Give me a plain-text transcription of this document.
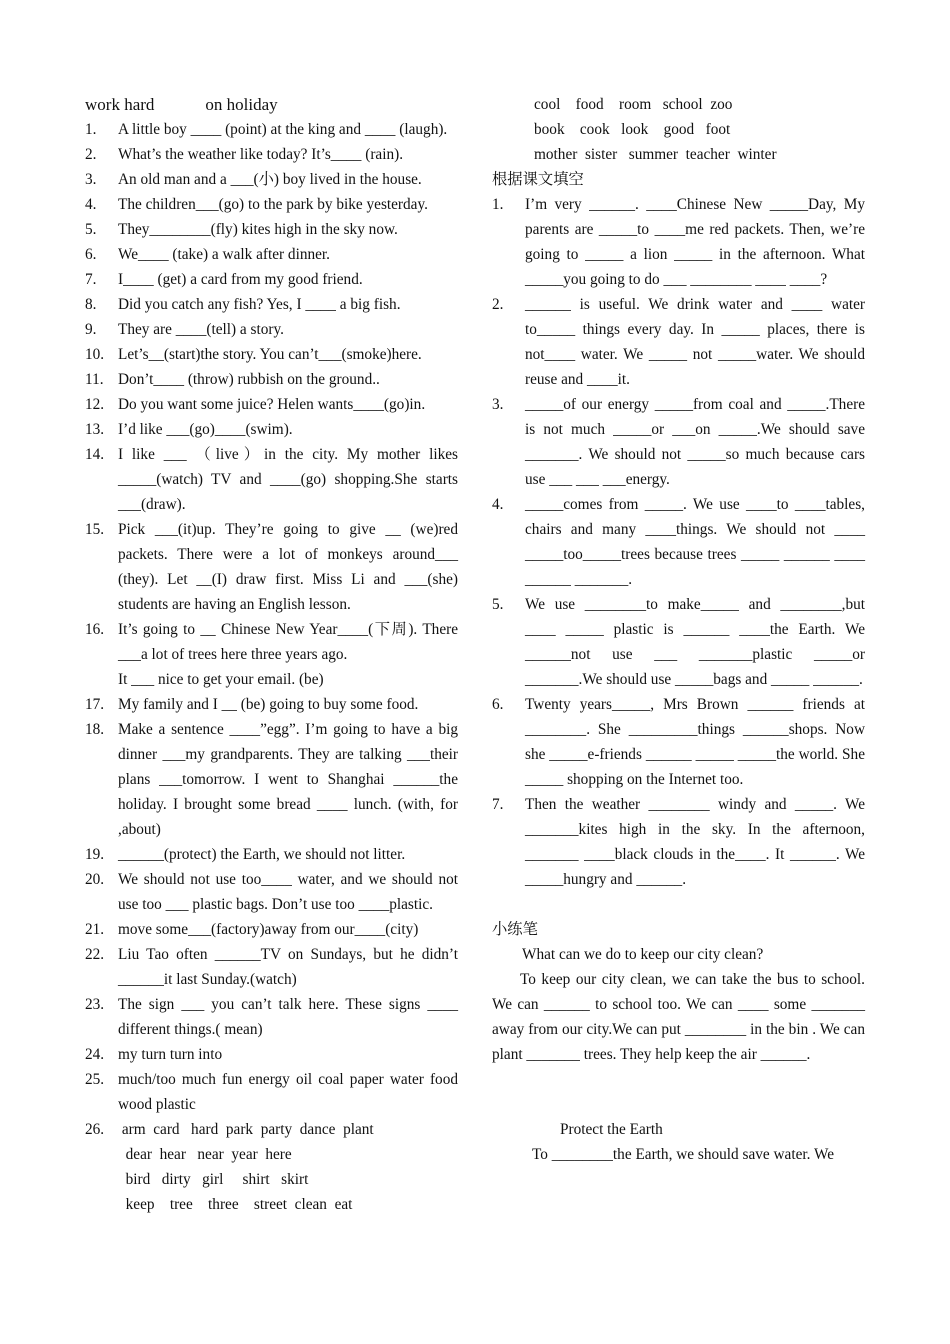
work hard            on holiday
1. A little boy ____ (point) at the king and ____ (laugh).
2. What’s the weather like today? It’s____ (rain).
3. An old man and a ___(小) boy lived in the house.
4. The children___(go) to the park by bike yesterday.
5. They________(fly) kites high in the sky now.
6. We____ (take) a walk after dinner.
7. I____ (get) a card from my good friend.
8. Did you catch any fish? Yes, I ____ a big fish.
9. They are ____(tell) a story.
10. Let’s__(start)the story. You can’t___(smoke)here.
11. Don’t____ (throw) rubbish on the ground..
12. Do you want some juice? Helen wants____(go)in.
13. I’d like ___(go)____(swim).
14. I like ___ （live）in the city. My mother likes _____(watch) TV and ____(go) shopping.She starts ___(draw).
15. Pick ___(it)up. They’re going to give __ (we)red packets. There were a lot of monkeys around___ (they). Let __(I) draw first. Miss Li and ___(she) students are having an English lesson.
16. It’s going to __ Chinese New Year____(下周). There ___a lot of trees here three years ago.
It ___ nice to get your email. (be)
17. My family and I __ (be) going to buy some food.
18. Make a sentence ____”egg”. I’m going to have a big dinner ___my grandparents. They are talking ___their plans ___tomorrow. I went to Shanghai ______the holiday. I brought some bread ____ lunch. (with, for ,about)
19. ______(protect) the Earth, we should not litter.
20. We should not use too____ water, and we should not use too ___ plastic bags. Don’t use too ____plastic.
21. move some___(factory)away from our____(city)
22. Liu Tao often ______TV on Sundays, but he didn’t ______it last Sunday.(watch)
23. The sign ___ you can’t talk here. These signs ____ different things.( mean)
24. my turn turn into
25. much/too much fun energy oil coal paper water food wood plastic
26. arm  card   hard  park  party  dance  plant
dear  hear   near  year  here
bird   dirty   girl     shirt   skirt
keep    tree    three    street  clean  eat
cool    food    room   school  zoo
book    cook   look    good   foot
mother  sister   summer  teacher  winter
根据课文填空
1. I’m very ______. ____Chinese New _____Day, My parents are _____to ____me red packets. Then, we’re going to _____ a lion _____ in the afternoon. What _____you going to do ___ ________ ____ ____?
2. ______ is useful. We drink water and ____ water to_____ things every day. In _____ places, there is not____ water. We _____ not _____water. We should reuse and ____it.
3. _____of our energy _____from coal and _____.There is not much _____or ___on _____.We should save _______. We should not _____so much because cars use ___ ___ ___energy.
4. _____comes from _____. We use ____to ____tables, chairs and many ____things. We should not ____ _____too_____trees because trees _____ ______ ____ ______ _______.
5. We use ________to make_____ and ________,but ____ _____ plastic is ______ ____the Earth. We ______not use ___ _______plastic _____or _______.We should use _____bags and _____ ______.
6. Twenty years_____, Mrs Brown ______ friends at ________. She _________things ______shops. Now she _____e-friends ______ _____ _____the world. She _____ shopping on the Internet too.
7. Then the weather ________ windy and _____. We _______kites high in the sky. In the afternoon, _______ ____black clouds in the____. It ______. We _____hungry and ______.
小练笔
What can we do to keep our city clean?
To keep our city clean, we can take the bus to school. We can ______ to school too. We can ____ some _______ away from our city.We can put ________ in the bin . We can plant _______ trees. They help keep the air ______.
Protect the Earth
To ________the Earth, we should save water. We
